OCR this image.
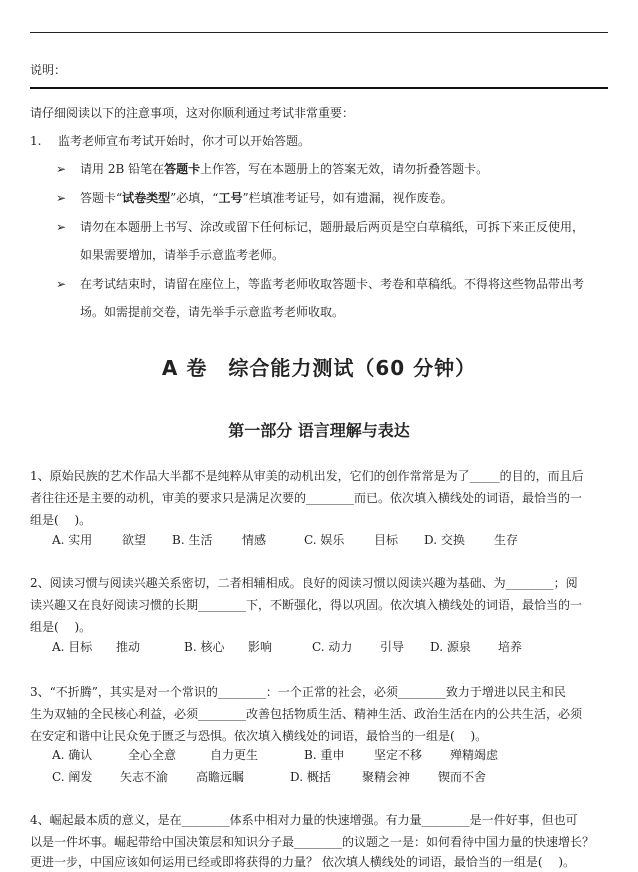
说明：
请仔细阅读以下的注意事项，这对你顺利通过考试非常重要：
1. 监考老师宣布考试开始时，你才可以开始答题。
➢ 请用 2B 铅笔在答题卡上作答，写在本题册上的答案无效，请勿折叠答题卡。
➢ 答题卡“试卷类型”必填，“工号”栏填准考证号，如有遗漏，视作废卷。
➢ 请勿在本题册上书写、涂改或留下任何标记，题册最后两页是空白草稿纸，可拆下来正反使用，
如果需要增加，请举手示意监考老师。
➢ 在考试结束时，请留在座位上，等监考老师收取答题卡、考卷和草稿纸。不得将这些物品带出考
场。如需提前交卷，请先举手示意监考老师收取。
A 卷　综合能力测试（60 分钟）
第一部分 语言理解与表达
1、原始民族的艺术作品大半都不是纯粹从审美的动机出发，它们的创作常常是为了_____的目的，而且后
者往往还是主要的动机，审美的要求只是满足次要的________而已。依次填入横线处的词语，最恰当的一
组是(　 )。
A. 实用 欲望 B. 生活 情感	C. 娱乐 目标 D. 交换 生存
2、阅读习惯与阅读兴趣关系密切，二者相辅相成。良好的阅读习惯以阅读兴趣为基础、为________；阅
读兴趣又在良好阅读习惯的长期________下，不断强化，得以巩固。依次填入横线处的词语，最恰当的一
组是(　 )。
A. 目标 推动	B. 核心 影响	C. 动力 引导 D. 源泉 培养
3、“不折腾”，其实是对一个常识的________：一个正常的社会，必须________致力于增进以民主和民
生为双轴的全民核心利益，必须________改善包括物质生活、精神生活、政治生活在内的公共生活，必须
在安定和谐中让民众免于匮乏与恐惧。依次填入横线处的词语，最恰当的一组是(　 )。
A. 确认	全心全意	自力更生	B. 重申 坚定不移 殚精竭虑
C. 阐发 矢志不渝 高瞻远瞩	D. 概括	聚精会神 锲而不舍
4、崛起最本质的意义，是在________体系中相对力量的快速增强。有力量________是一件好事，但也可
以是一件坏事。崛起带给中国决策层和知识分子最________的议题之一是：如何看待中国力量的快速增长？
更进一步，中国应该如何运用已经或即将获得的力量？ 依次填人横线处的词语，最恰当的一组是(　 )。
